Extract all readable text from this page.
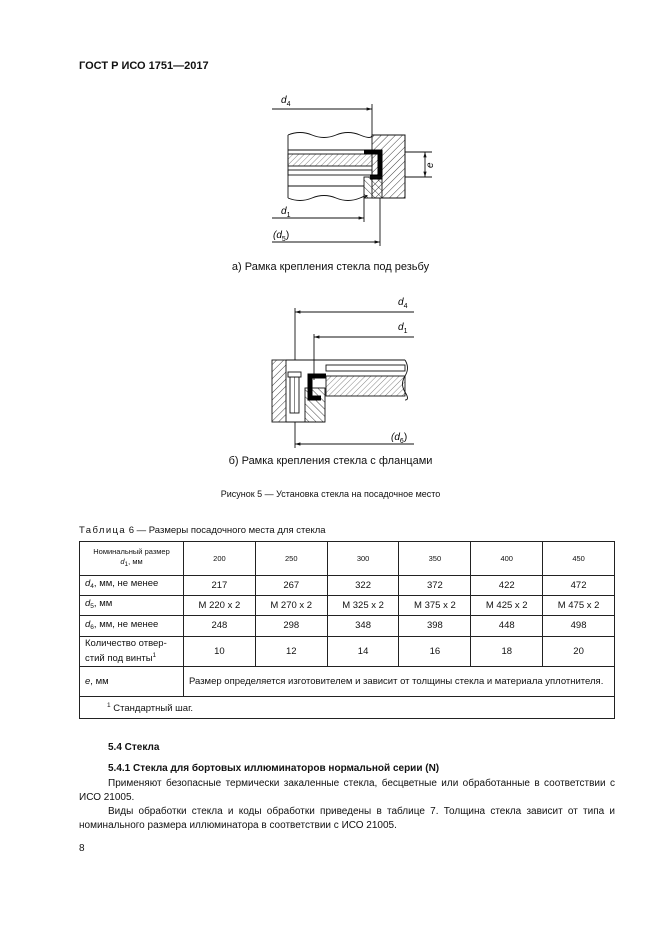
ГОСТ Р ИСО 1751—2017
$d_4$
e
$d_1$
$(d_5)$
$d_4$
$d_1$
$(d_6)$
а) Рамка крепления стекла под резьбу
б) Рамка крепления стекла с фланцами
Рисунок 5 — Установка стекла на посадочное место
Таблица 6 — Размеры посадочного места для стекла
Номинальный размер
$d_1$, мм	200	250	300	350	400	450
$d_4$, мм, не менее	217	267	322	372	422	472
$d_5$, мм	M 220 x 2	M 270 x 2	M 325 x 2	M 375 x 2	M 425 x 2	M 475 x 2
$d_6$, мм, не менее	248	298	348	398	448	498
Количество отвер-
стий под винты$^1$	10	12	14	16	18	20
e, мм	Размер определяется изготовителем и зависит от толщины стекла и материала уплотнителя.					
$^1$ Стандартный шаг.						
5.4 Стекла
5.4.1 Стекла для бортовых иллюминаторов нормальной серии (N)
Применяют безопасные термически закаленные стекла, бесцветные или обработанные в соответствии с ИСО 21005.
Виды обработки стекла и коды обработки приведены в таблице 7. Толщина стекла зависит от типа и номинального размера иллюминатора в соответствии с ИСО 21005.
8
